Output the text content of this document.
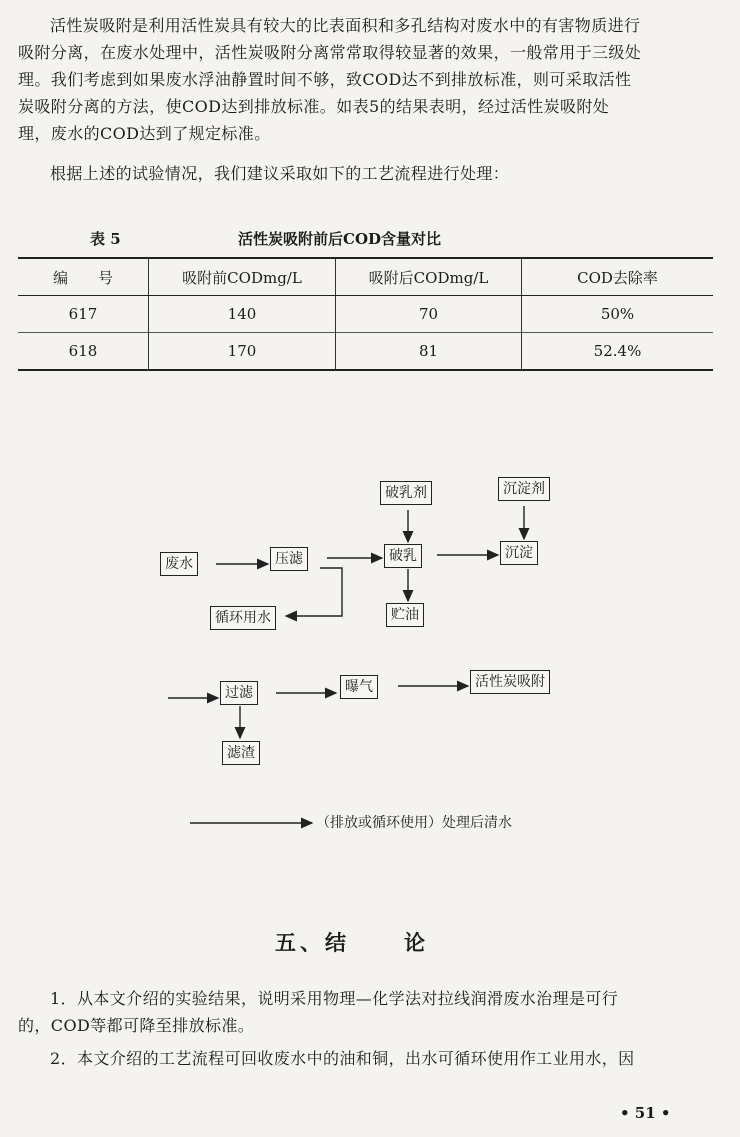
活性炭吸附是利用活性炭具有较大的比表面积和多孔结构对废水中的有害物质进行
吸附分离，在废水处理中，活性炭吸附分离常常取得较显著的效果，一般常用于三级处
理。我们考虑到如果废水浮油静置时间不够，致COD达不到排放标准，则可采取活性
炭吸附分离的方法，使COD达到排放标准。如表5的结果表明，经过活性炭吸附处
理，废水的COD达到了规定标准。
根据上述的试验情况，我们建议采取如下的工艺流程进行处理：
表 5	活性炭吸附前后COD含量对比
编　　号	吸附前CODmg/L	吸附后CODmg/L	COD去除率
617	140	70	50%
618	170	81	52.4%
废水	压滤
破乳剂
破乳
沉淀剂
沉淀
循环用水	贮油
过滤	曝气	活性炭吸附
滤渣
（排放或循环使用）处理后清水
五、结	论
1．从本文介绍的实验结果，说明采用物理—化学法对拉线润滑废水治理是可行
的，COD等都可降至排放标准。
2．本文介绍的工艺流程可回收废水中的油和铜，出水可循环使用作工业用水，因
• 51 •
